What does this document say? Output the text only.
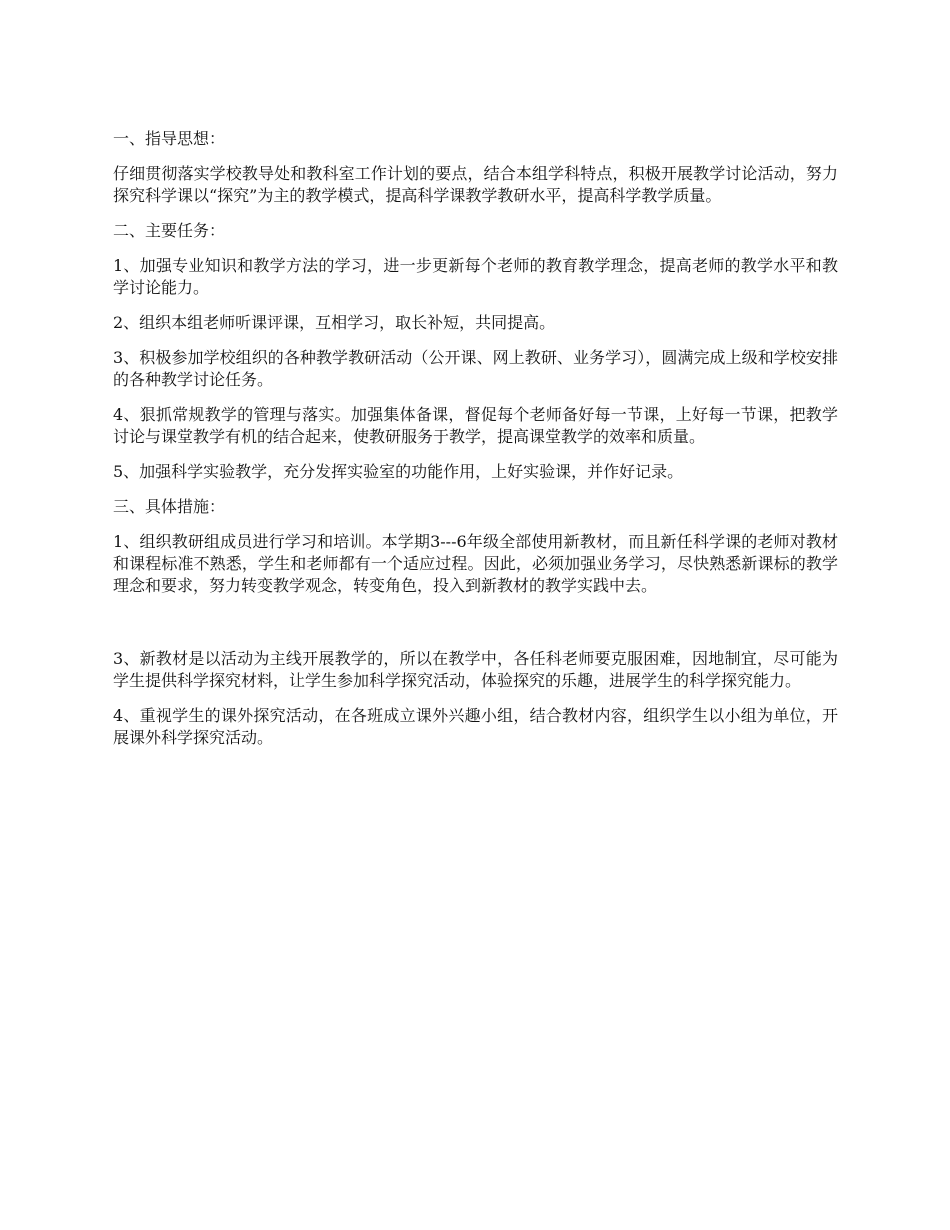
一、指导思想：

仔细贯彻落实学校教导处和教科室工作计划的要点，结合本组学科特点，积极开展教学讨论活动，努力探究科学课以“探究”为主的教学模式，提高科学课教学教研水平，提高科学教学质量。

二、主要任务：

1、加强专业知识和教学方法的学习，进一步更新每个老师的教育教学理念，提高老师的教学水平和教学讨论能力。

2、组织本组老师听课评课，互相学习，取长补短，共同提高。

3、积极参加学校组织的各种教学教研活动（公开课、网上教研、业务学习），圆满完成上级和学校安排的各种教学讨论任务。

4、狠抓常规教学的管理与落实。加强集体备课，督促每个老师备好每一节课，上好每一节课，把教学讨论与课堂教学有机的结合起来，使教研服务于教学，提高课堂教学的效率和质量。

5、加强科学实验教学，充分发挥实验室的功能作用，上好实验课，并作好记录。

三、具体措施：

1、组织教研组成员进行学习和培训。本学期3---6年级全部使用新教材，而且新任科学课的老师对教材和课程标准不熟悉，学生和老师都有一个适应过程。因此，必须加强业务学习，尽快熟悉新课标的教学理念和要求，努力转变教学观念，转变角色，投入到新教材的教学实践中去。

3、新教材是以活动为主线开展教学的，所以在教学中，各任科老师要克服困难，因地制宜，尽可能为学生提供科学探究材料，让学生参加科学探究活动，体验探究的乐趣，进展学生的科学探究能力。

4、重视学生的课外探究活动，在各班成立课外兴趣小组，结合教材内容，组织学生以小组为单位，开展课外科学探究活动。
